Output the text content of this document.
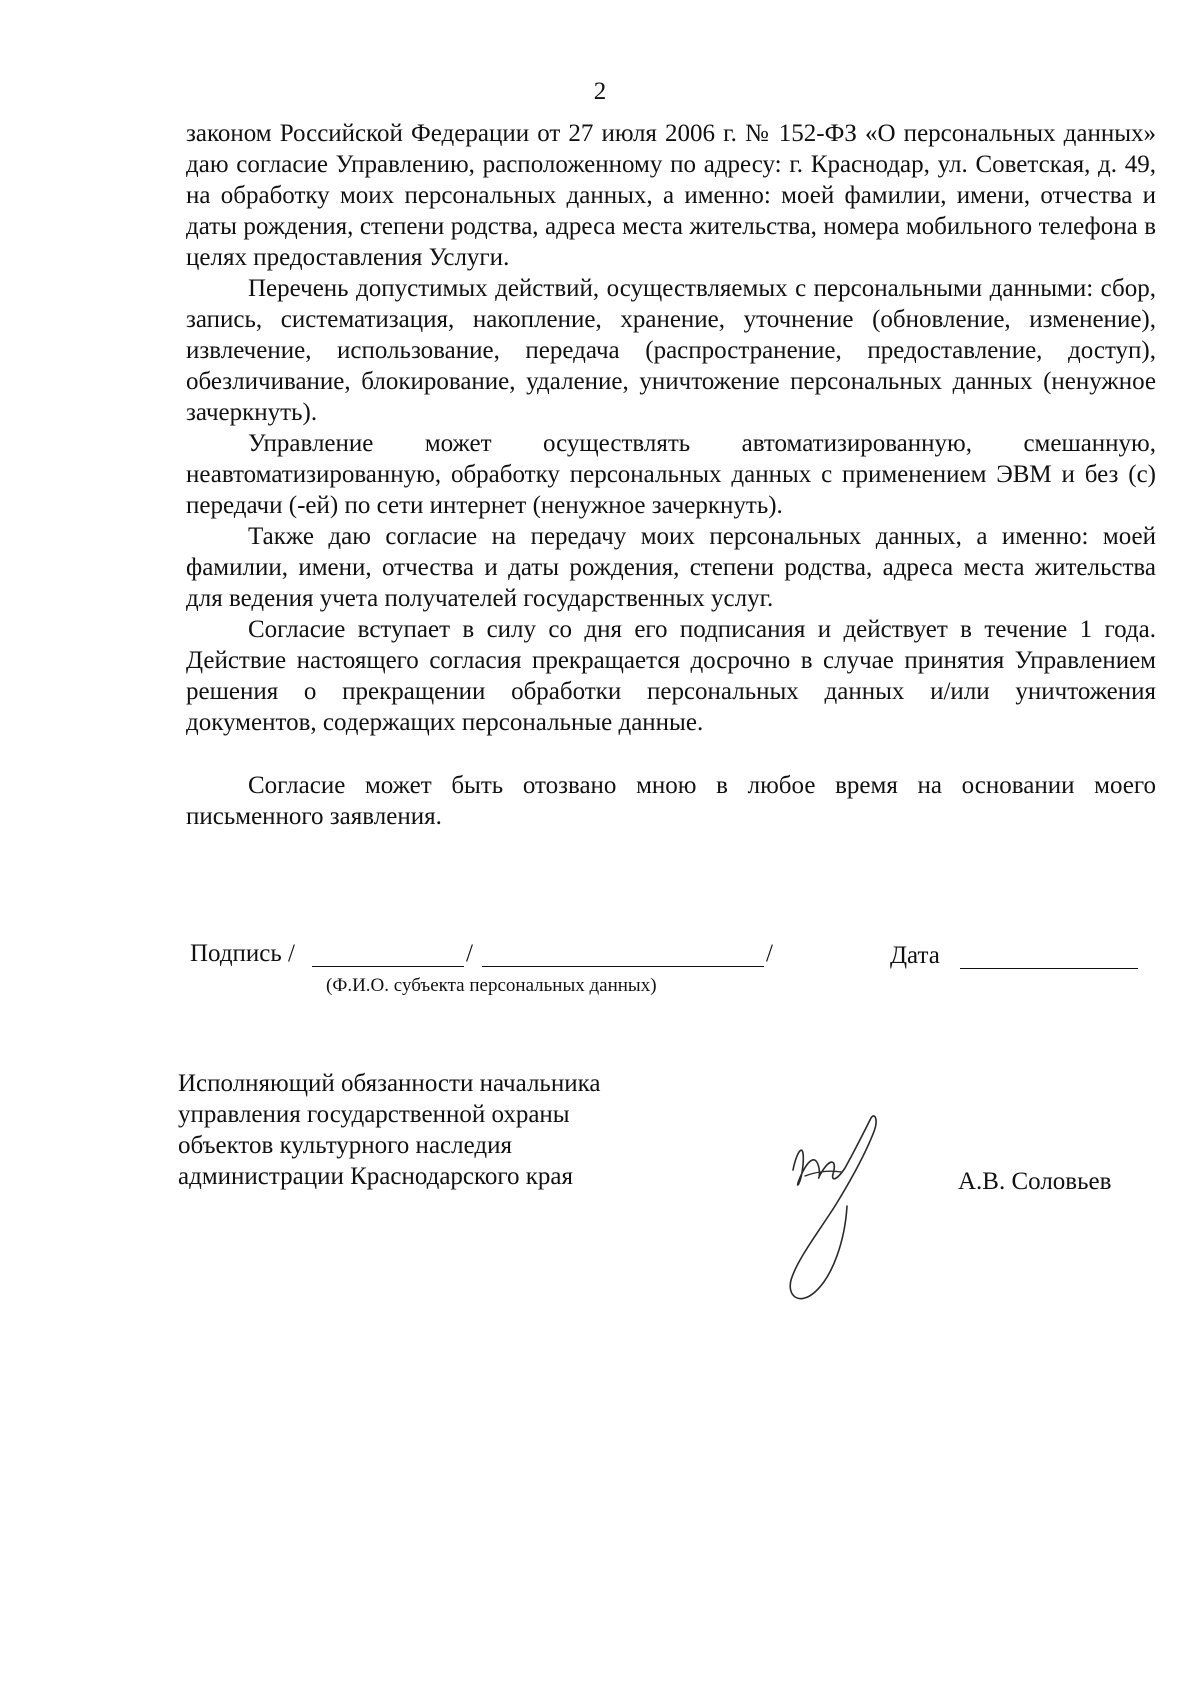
2

законом Российской Федерации от 27 июля 2006 г. № 152-ФЗ «О персональных данных» даю согласие Управлению, расположенному по адресу: г. Краснодар, ул. Советская, д. 49, на обработку моих персональных данных, а именно: моей фамилии, имени, отчества и даты рождения, степени родства, адреса места жительства, номера мобильного телефона в целях предоставления Услуги.

Перечень допустимых действий, осуществляемых с персональными данными: сбор, запись, систематизация, накопление, хранение, уточнение (обновление, изменение), извлечение, использование, передача (распространение, предоставление, доступ), обезличивание, блокирование, удаление, уничтожение персональных данных (ненужное зачеркнуть).

Управление может осуществлять автоматизированную, смешанную, неавтоматизированную, обработку персональных данных с применением ЭВМ и без (с) передачи (-ей) по сети интернет (ненужное зачеркнуть).

Также даю согласие на передачу моих персональных данных, а именно: моей фамилии, имени, отчества и даты рождения, степени родства, адреса места жительства для ведения учета получателей государственных услуг.

Согласие вступает в силу со дня его подписания и действует в течение 1 года. Действие настоящего согласия прекращается досрочно в случае принятия Управлением решения о прекращении обработки персональных данных и/или уничтожения документов, содержащих персональные данные.

Согласие может быть отозвано мною в любое время на основании моего письменного заявления.

Подпись /	/	/	Дата
(Ф.И.О. субъекта персональных данных)
Исполняющий обязанности начальника
управления государственной охраны
объектов культурного наследия
администрации Краснодарского края	А.В. Соловьев
